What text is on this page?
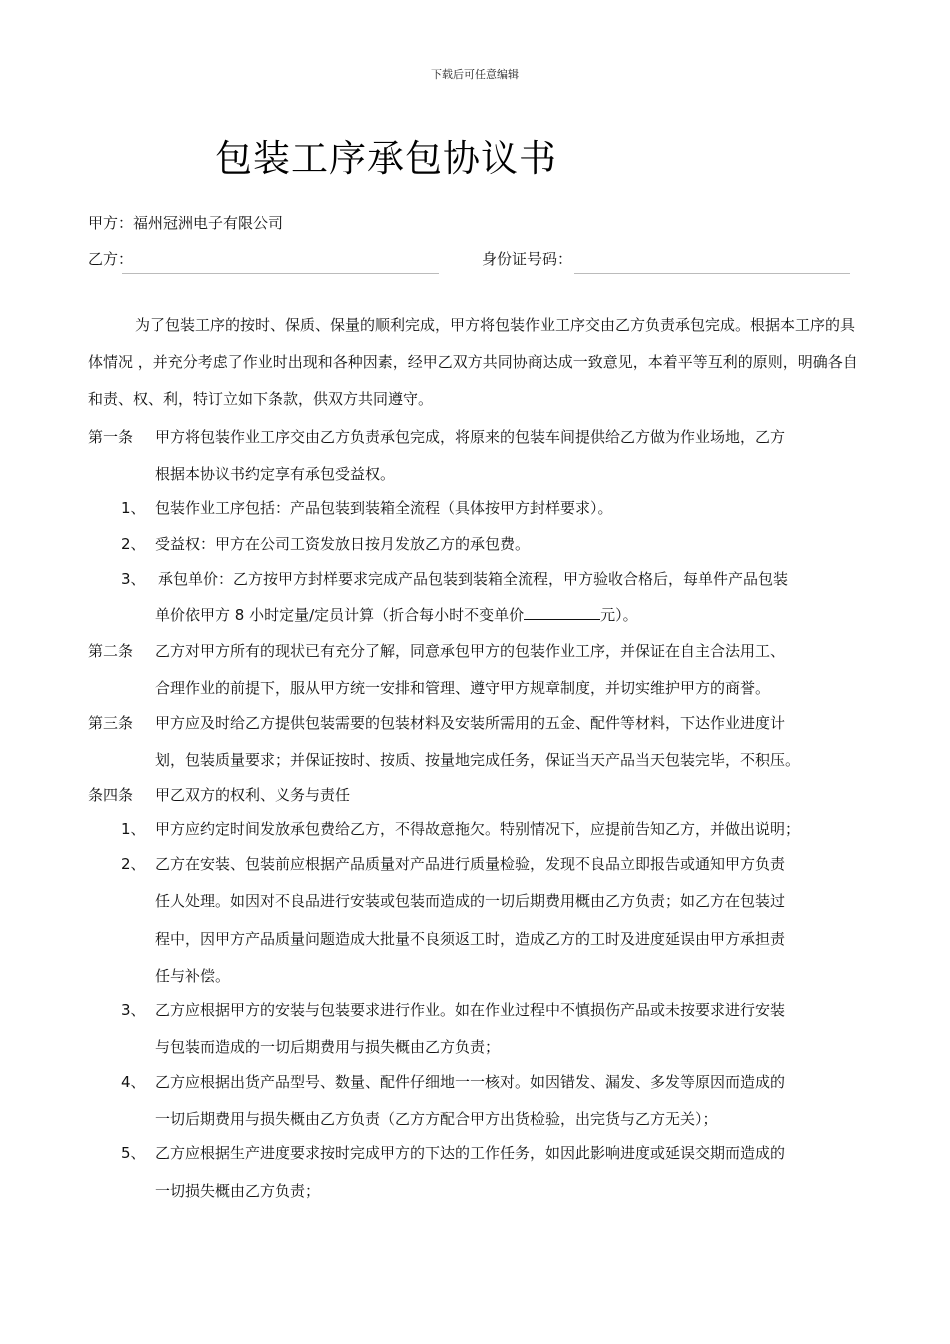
下载后可任意编辑
包装工序承包协议书
甲方：福州冠洲电子有限公司
乙方：	身份证号码：
为了包装工序的按时、保质、保量的顺利完成，甲方将包装作业工序交由乙方负责承包完成。根据本工序的具体情况 ，并充分考虑了作业时出现和各种因素，经甲乙双方共同协商达成一致意见，本着平等互利的原则，明确各自和责、权、利，特订立如下条款，供双方共同遵守。
第一条 甲方将包装作业工序交由乙方负责承包完成，将原来的包装车间提供给乙方做为作业场地，乙方
根据本协议书约定享有承包受益权。
1、 包装作业工序包括：产品包装到装箱全流程（具体按甲方封样要求）。
2、 受益权：甲方在公司工资发放日按月发放乙方的承包费。
3、 承包单价：乙方按甲方封样要求完成产品包装到装箱全流程，甲方验收合格后，每单件产品包装
单价依甲方 8 小时定量/定员计算（折合每小时不变单价	元）。
第二条 乙方对甲方所有的现状已有充分了解，同意承包甲方的包装作业工序，并保证在自主合法用工、
合理作业的前提下，服从甲方统一安排和管理、遵守甲方规章制度，并切实维护甲方的商誉。
第三条 甲方应及时给乙方提供包装需要的包装材料及安装所需用的五金、配件等材料，下达作业进度计
划，包装质量要求；并保证按时、按质、按量地完成任务，保证当天产品当天包装完毕，不积压。
条四条 甲乙双方的权利、义务与责任
1、 甲方应约定时间发放承包费给乙方，不得故意拖欠。特别情况下，应提前告知乙方，并做出说明；
2、 乙方在安装、包装前应根据产品质量对产品进行质量检验，发现不良品立即报告或通知甲方负责
任人处理。如因对不良品进行安装或包装而造成的一切后期费用概由乙方负责；如乙方在包装过
程中，因甲方产品质量问题造成大批量不良须返工时，造成乙方的工时及进度延误由甲方承担责
任与补偿。
3、 乙方应根据甲方的安装与包装要求进行作业。如在作业过程中不慎损伤产品或未按要求进行安装
与包装而造成的一切后期费用与损失概由乙方负责；
4、 乙方应根据出货产品型号、数量、配件仔细地一一核对。如因错发、漏发、多发等原因而造成的
一切后期费用与损失概由乙方负责（乙方方配合甲方出货检验，出完货与乙方无关）；
5、 乙方应根据生产进度要求按时完成甲方的下达的工作任务，如因此影响进度或延误交期而造成的
一切损失概由乙方负责；
